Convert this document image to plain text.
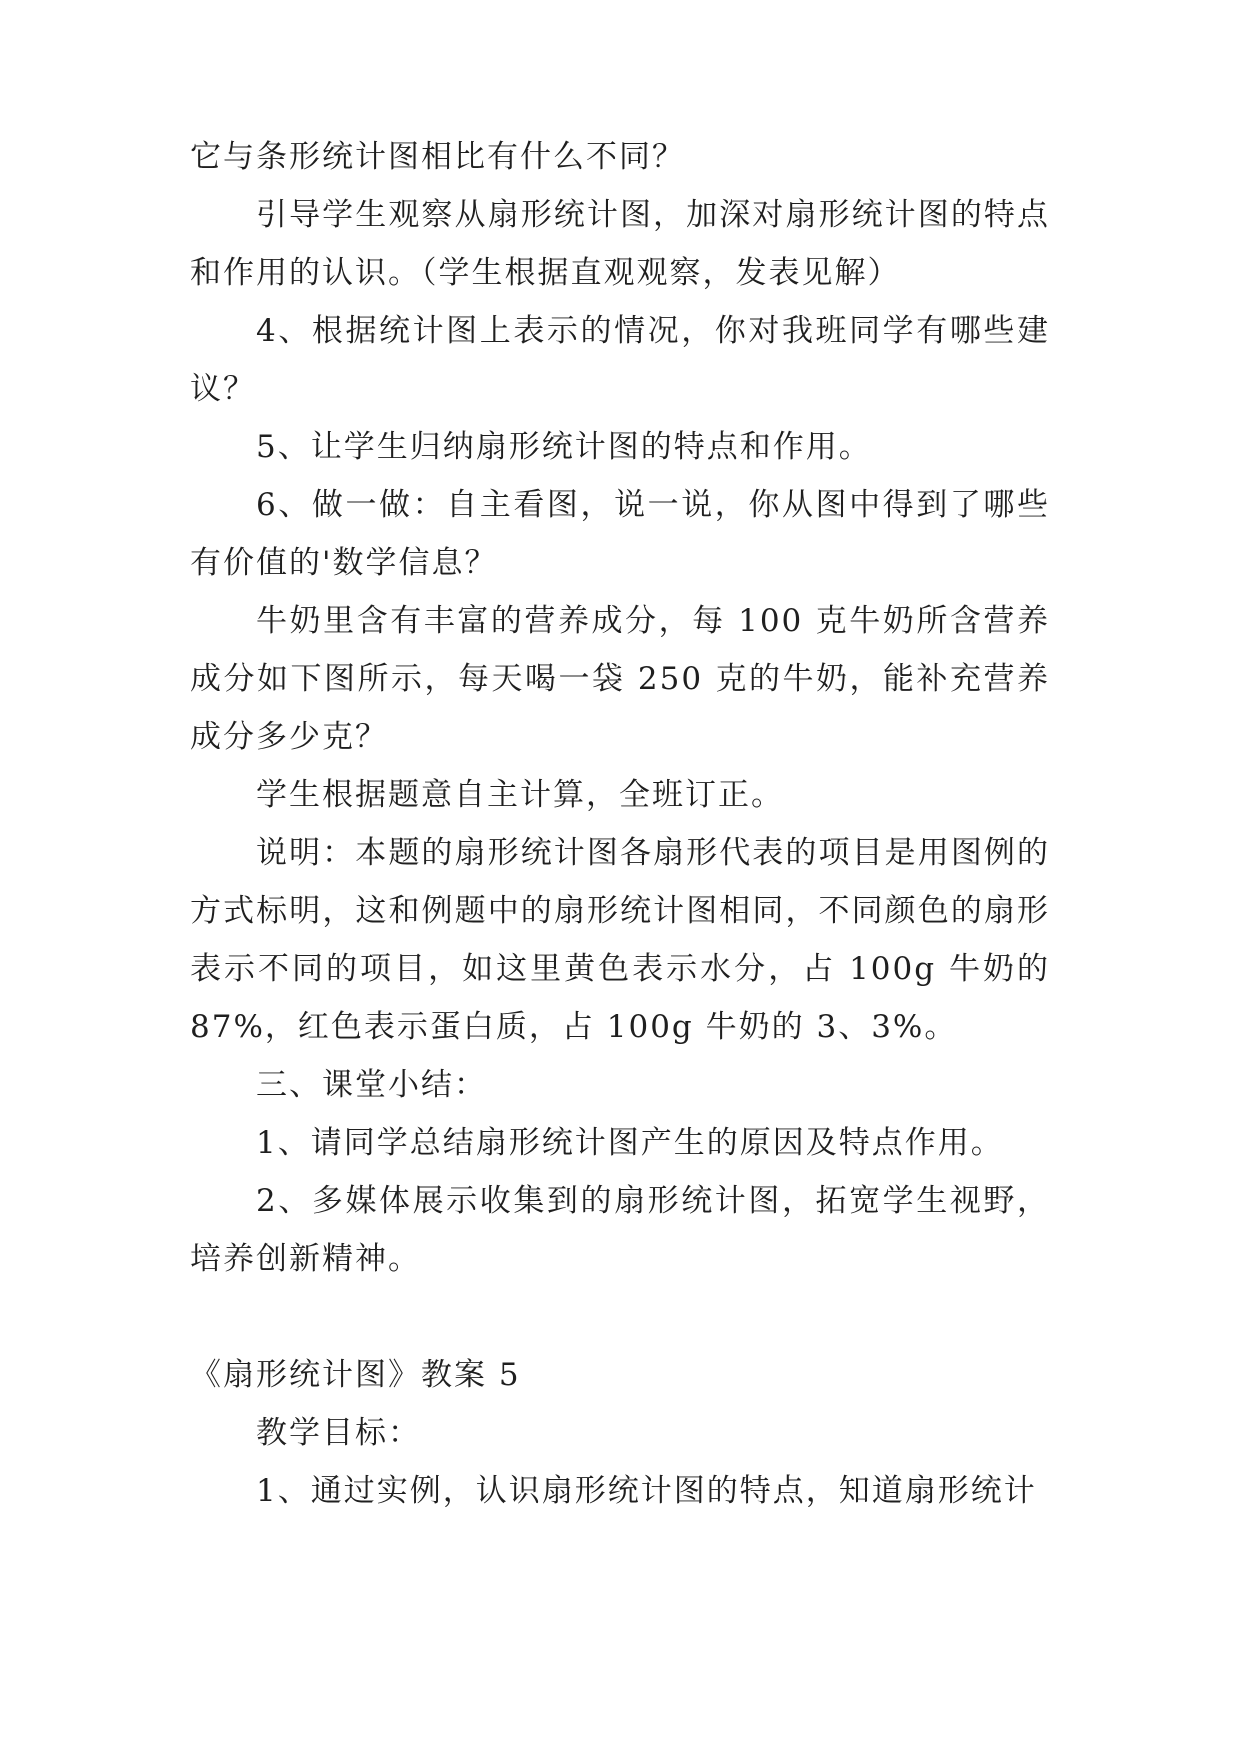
它与条形统计图相比有什么不同？

引导学生观察从扇形统计图，加深对扇形统计图的特点和作用的认识。（学生根据直观观察，发表见解）

4、根据统计图上表示的情况，你对我班同学有哪些建议？

5、让学生归纳扇形统计图的特点和作用。

6、做一做：自主看图，说一说，你从图中得到了哪些有价值的'数学信息？

牛奶里含有丰富的营养成分，每 100 克牛奶所含营养成分如下图所示，每天喝一袋 250 克的牛奶，能补充营养成分多少克？

学生根据题意自主计算，全班订正。

说明：本题的扇形统计图各扇形代表的项目是用图例的方式标明，这和例题中的扇形统计图相同，不同颜色的扇形表示不同的项目，如这里黄色表示水分，占 100g 牛奶的 87%，红色表示蛋白质，占 100g 牛奶的 3、3%。

三、课堂小结：

1、请同学总结扇形统计图产生的原因及特点作用。

2、多媒体展示收集到的扇形统计图，拓宽学生视野，培养创新精神。

《扇形统计图》教案 5

教学目标：

1、通过实例，认识扇形统计图的特点，知道扇形统计
